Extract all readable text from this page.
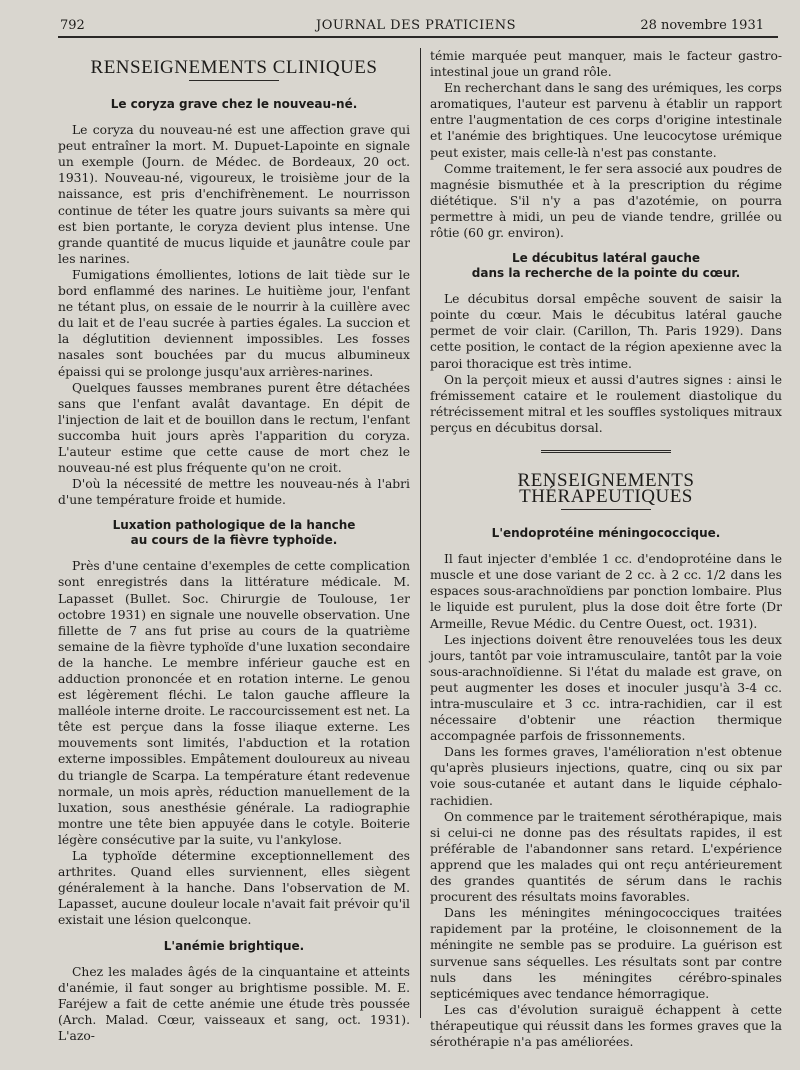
792	JOURNAL DES PRATICIENS	28 novembre 1931
RENSEIGNEMENTS CLINIQUES
Le coryza grave chez le nouveau-né.

Le coryza du nouveau-né est une affection grave qui peut entraîner la mort. M. Dupuet-Lapointe en signale un exemple (Journ. de Médec. de Bordeaux, 20 oct. 1931). Nouveau-né, vigoureux, le troisième jour de la naissance, est pris d'enchifrènement. Le nourrisson continue de téter les quatre jours suivants sa mère qui est bien portante, le coryza devient plus intense. Une grande quantité de mucus liquide et jaunâtre coule par les narines.

Fumigations émollientes, lotions de lait tiède sur le bord enflammé des narines. Le huitième jour, l'enfant ne tétant plus, on essaie de le nourrir à la cuillère avec du lait et de l'eau sucrée à parties égales. La succion et la déglutition deviennent impossibles. Les fosses nasales sont bouchées par du mucus albumineux épaissi qui se prolonge jusqu'aux arrières-narines.

Quelques fausses membranes purent être détachées sans que l'enfant avalât davantage. En dépit de l'injection de lait et de bouillon dans le rectum, l'enfant succomba huit jours après l'apparition du coryza. L'auteur estime que cette cause de mort chez le nouveau-né est plus fréquente qu'on ne croit.

D'où la nécessité de mettre les nouveau-nés à l'abri d'une température froide et humide.

Luxation pathologique de la hanche
au cours de la fièvre typhoïde.

Près d'une centaine d'exemples de cette complication sont enregistrés dans la littérature médicale. M. Lapasset (Bullet. Soc. Chirurgie de Toulouse, 1er octobre 1931) en signale une nouvelle observation. Une fillette de 7 ans fut prise au cours de la quatrième semaine de la fièvre typhoïde d'une luxation secondaire de la hanche. Le membre inférieur gauche est en adduction prononcée et en rotation interne. Le genou est légèrement fléchi. Le talon gauche affleure la malléole interne droite. Le raccourcissement est net. La tête est perçue dans la fosse iliaque externe. Les mouvements sont limités, l'abduction et la rotation externe impossibles. Empâtement douloureux au niveau du triangle de Scarpa. La température étant redevenue normale, un mois après, réduction manuellement de la luxation, sous anesthésie générale. La radiographie montre une tête bien appuyée dans le cotyle. Boiterie légère consécutive par la suite, vu l'ankylose.

La typhoïde détermine exceptionnellement des arthrites. Quand elles surviennent, elles siègent généralement à la hanche. Dans l'observation de M. Lapasset, aucune douleur locale n'avait fait prévoir qu'il existait une lésion quelconque.

L'anémie brightique.

Chez les malades âgés de la cinquantaine et atteints d'anémie, il faut songer au brightisme possible. M. E. Faréjew a fait de cette anémie une étude très poussée (Arch. Malad. Cœur, vaisseaux et sang, oct. 1931). L'azo-

témie marquée peut manquer, mais le facteur gastro-intestinal joue un grand rôle.

En recherchant dans le sang des urémiques, les corps aromatiques, l'auteur est parvenu à établir un rapport entre l'augmentation de ces corps d'origine intestinale et l'anémie des brightiques. Une leucocytose urémique peut exister, mais celle-là n'est pas constante.

Comme traitement, le fer sera associé aux poudres de magnésie bismuthée et à la prescription du régime diététique. S'il n'y a pas d'azotémie, on pourra permettre à midi, un peu de viande tendre, grillée ou rôtie (60 gr. environ).

Le décubitus latéral gauche
dans la recherche de la pointe du cœur.

Le décubitus dorsal empêche souvent de saisir la pointe du cœur. Mais le décubitus latéral gauche permet de voir clair. (Carillon, Th. Paris 1929). Dans cette position, le contact de la région apexienne avec la paroi thoracique est très intime.

On la perçoit mieux et aussi d'autres signes : ainsi le frémissement cataire et le roulement diastolique du rétrécissement mitral et les souffles systoliques mitraux perçus en décubitus dorsal.

RENSEIGNEMENTS THÉRAPEUTIQUES
L'endoprotéine méningococcique.

Il faut injecter d'emblée 1 cc. d'endoprotéine dans le muscle et une dose variant de 2 cc. à 2 cc. 1/2 dans les espaces sous-arachnoïdiens par ponction lombaire. Plus le liquide est purulent, plus la dose doit être forte (Dr Armeille, Revue Médic. du Centre Ouest, oct. 1931).

Les injections doivent être renouvelées tous les deux jours, tantôt par voie intramusculaire, tantôt par la voie sous-arachnoïdienne. Si l'état du malade est grave, on peut augmenter les doses et inoculer jusqu'à 3-4 cc. intra-musculaire et 3 cc. intra-rachidien, car il est nécessaire d'obtenir une réaction thermique accompagnée parfois de frissonnements.

Dans les formes graves, l'amélioration n'est obtenue qu'après plusieurs injections, quatre, cinq ou six par voie sous-cutanée et autant dans le liquide céphalo-rachidien.

On commence par le traitement sérothérapique, mais si celui-ci ne donne pas des résultats rapides, il est préférable de l'abandonner sans retard. L'expérience apprend que les malades qui ont reçu antérieurement des grandes quantités de sérum dans le rachis procurent des résultats moins favorables.

Dans les méningites méningococciques traitées rapidement par la protéine, le cloisonnement de la méningite ne semble pas se produire. La guérison est survenue sans séquelles. Les résultats sont par contre nuls dans les méningites cérébro-spinales septicémiques avec tendance hémorragique.

Les cas d'évolution suraiguë échappent à cette thérapeutique qui réussit dans les formes graves que la sérothérapie n'a pas améliorées.
